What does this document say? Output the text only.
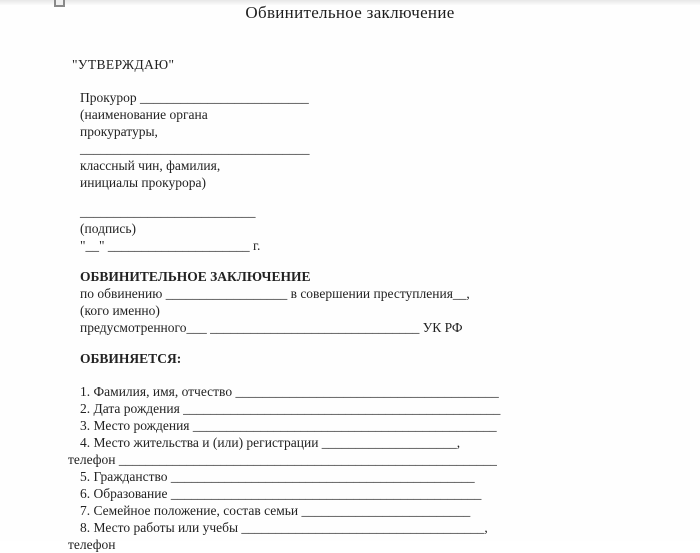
Обвинительное заключение
"УТВЕРЖДАЮ"
Прокурор _________________________
(наименование органа
прокуратуры,
__________________________________
классный чин, фамилия,
инициалы прокурора)
__________________________
(подпись)
"__" _____________________ г.
ОБВИНИТЕЛЬНОЕ ЗАКЛЮЧЕНИЕ
по обвинению __________________ в совершении преступления__,
(кого именно)
предусмотренного___ _______________________________ УК РФ
ОБВИНЯЕТСЯ:
1. Фамилия, имя, отчество _______________________________________
2. Дата рождения _______________________________________________
3. Место рождения _____________________________________________
4. Место жительства и (или) регистрации ____________________,
телефон ________________________________________________________
5. Гражданство _____________________________________________
6. Образование ______________________________________________
7. Семейное положение, состав семьи _________________________
8. Место работы или учебы ____________________________________,
телефон
